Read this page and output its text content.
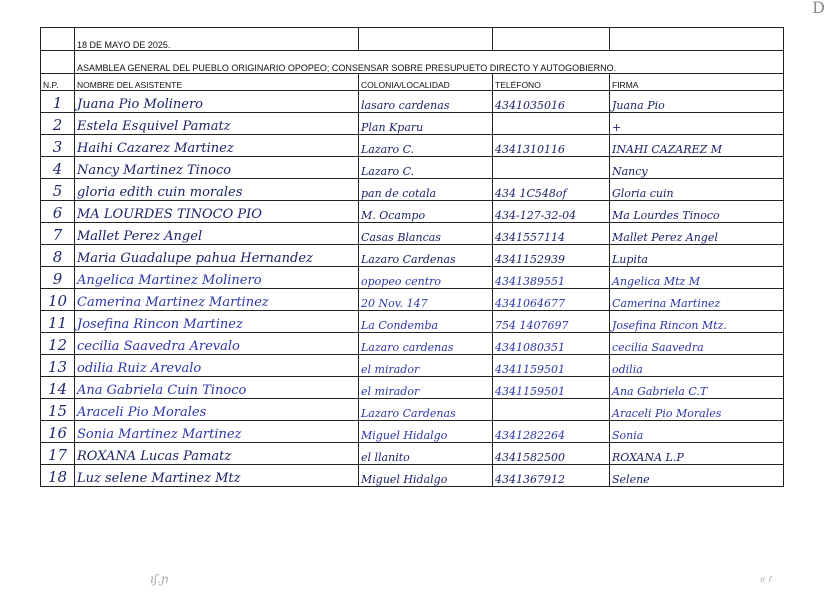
D
	18 DE MAYO DE 2025.			
	ASAMBLEA GENERAL DEL PUEBLO ORIGINARIO OPOPEO; CONSENSAR SOBRE PRESUPUETO DIRECTO Y AUTOGOBIERNO.			
N.P.	NOMBRE DEL ASISTENTE	COLONIA/LOCALIDAD	TELÉFONO	FIRMA
1	Juana Pio Molinero	lasaro cardenas	4341035016	Juana Pio
2	Estela Esquivel Pamatz	Plan Kparu		+
3	Haihi Cazarez Martinez	Lazaro C.	4341310116	INAHI CAZAREZ M
4	Nancy Martinez Tinoco	Lazaro C.		Nancy
5	gloria edith cuin morales	pan de cotala	434 1C548of	Gloria cuin
6	MA LOURDES TINOCO PIO	M. Ocampo	434-127-32-04	Ma Lourdes Tinoco
7	Mallet Perez Angel	Casas Blancas	4341557114	Mallet Perez Angel
8	Maria Guadalupe pahua Hernandez	Lazaro Cardenas	4341152939	Lupita
9	Angelica Martinez Molinero	opopeo centro	4341389551	Angelica Mtz M
10	Camerina Martinez Martinez	20 Nov. 147	4341064677	Camerina Martinez
11	Josefina Rincon Martinez	La Condemba	754 1407697	Josefina Rincon Mtz.
12	cecilia Saavedra Arevalo	Lazaro cardenas	4341080351	cecilia Saavedra
13	odilia Ruiz Arevalo	el mirador	4341159501	odilia
14	Ana Gabriela Cuin Tinoco	el mirador	4341159501	Ana Gabriela C.T
15	Araceli Pio Morales	Lazaro Cardenas		Araceli Pio Morales
16	Sonia Martinez Martinez	Miguel Hidalgo	4341282264	Sonia
17	ROXANA Lucas Pamatz	el llanito	4341582500	ROXANA L.P
18	Luz selene Martinez Mtz	Miguel Hidalgo	4341367912	Selene
ıʃ.ɲ	ᵍ ᶠ
